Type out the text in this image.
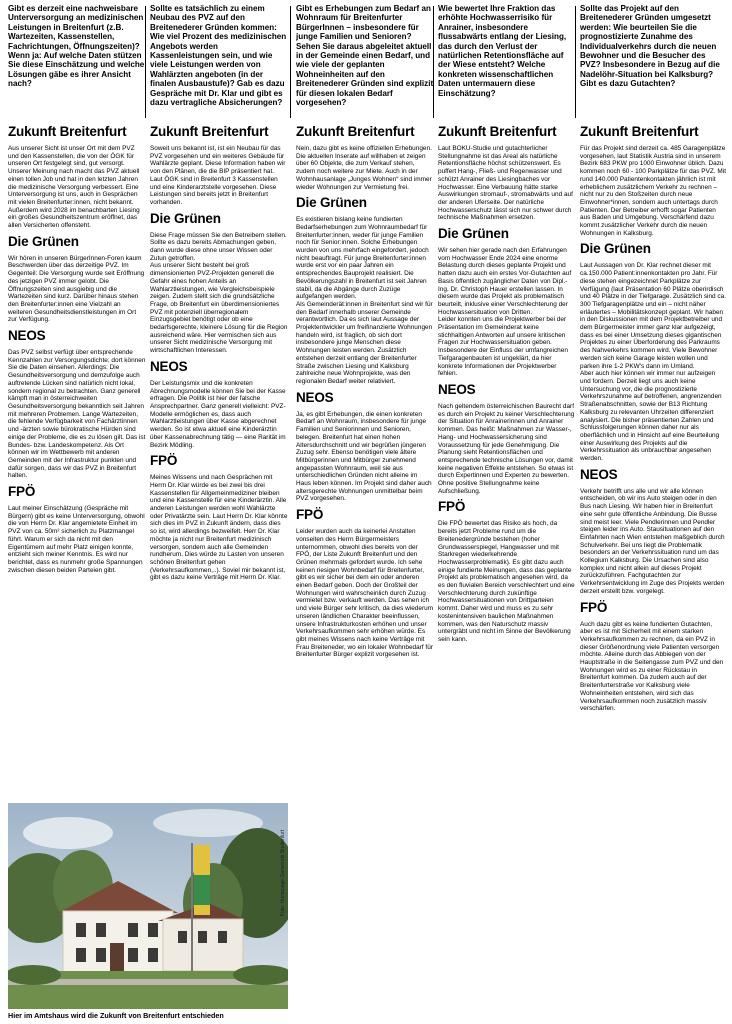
Gibt es derzeit eine nachweisbare Unterversorgung an medizinischen Leistungen in Breitenfurt (z.B. Wartezeiten, Kassenstellen, Fachrichtungen, Öffnungszeiten)? Wenn ja: Auf welche Daten stützen Sie diese Einschätzung und welche Lösungen gäbe es ihrer Ansicht nach?

Zukunft Breitenfurt

Aus unserer Sicht ist unser Ort mit dem PVZ und den Kassenstellen, die von der ÖGK für unseren Ort festgelegt sind, gut versorgt. Unserer Meinung nach macht das PVZ aktuell einen tollen Job und hat in den letzten Jahren die medizinische Versorgung verbessert. Eine Unterversorgung ist uns, auch in Gesprächen mit vielen Breitenfurter:innen, nicht bekannt. Außerdem wird 2028 im benachbarten Liesing ein großes Gesundheitszentrum eröffnet, das allen Versicherten offensteht.

Die Grünen

Wir hören in unseren BürgerInnen-Foren kaum Beschwerden über das derzeitige PVZ. Im Gegenteil: Die Versorgung wurde seit Eröffnung des jetzigen PVZ immer gelobt. Die Öffnungszeiten sind ausgiebig und die Wartezeiten sind kurz. Darüber hinaus stehen den Breitenfurter:innen eine Vielzahl an weiteren Gesundheitsdienstleistungen im Ort zur Verfügung.

NEOS

Das PVZ selbst verfügt über entsprechende Kennzahlen zur Versorgungsdichte; dort können Sie die Daten einsehen. Allerdings: Die Gesundheitsversorgung und demzufolge auch auftretende Lücken sind natürlich nicht lokal, sondern regional zu betrachten. Ganz generell kämpft man in österreichweiten Gesundheitsversorgung bekanntlich seit Jahren mit mehreren Problemen. Lange Wartezeiten, die fehlende Verfügbarkeit von Fachärztinnen und -ärzten sowie bürokratische Hürden sind einige der Probleme, die es zu lösen gilt. Das ist Bundes- bzw. Landeskompetenz. Als Ort können wir im Wettbewerb mit anderen Gemeinden mit der Infrastruktur punkten und dafür sorgen, dass wir das PVZ in Breitenfurt halten.

FPÖ

Laut meiner Einschätzung (Gespräche mit Bürgern) gibt es keine Unterversorgung, obwohl die von Herrn Dr. Klar angemietete Einheit im PVZ von ca. 50m² sicherlich zu Platzmangel führt. Warum er sich da nicht mit den Eigentümern auf mehr Platz einigen konnte, entzieht sich meiner Kenntnis. Es wird nur berichtet, dass es nunmehr große Spannungen zwischen diesen beiden Parteien gibt.

Sollte es tatsächlich zu einem Neubau des PVZ auf den Breitenederer Gründen kommen: Wie viel Prozent des medizinischen Angebots werden Kassenleistungen sein, und wie viele Leistungen werden von Wahlärzten angeboten (in der finalen Ausbaustufe)? Gab es dazu Gespräche mit Dr. Klar und gibt es dazu vertragliche Absicherungen?

Zukunft Breitenfurt

Soweit uns bekannt ist, ist ein Neubau für das PVZ vorgesehen und ein weiteres Gebäude für Wahlärzte geplant. Diese Information haben wir von den Plänen, die die BIP präsentiert hat. Laut ÖGK sind in Breitenfurt 3 Kassenstellen und eine Kinderarztstelle vorgesehen. Diese Leistungen sind bereits jetzt in Breitenfurt vorhanden.

Die Grünen

Diese Frage müssen Sie den Betreibern stellen. Sollte es dazu bereits Abmachungen geben, dann wurde diese ohne unser Wissen oder Zutun getroffen.
Aus unserer Sicht besteht bei groß dimensionierten PVZ-Projekten generell die Gefahr eines hohen Anteils an Wahlarztleistungen, wie Vergleichsbeispiele zeigen. Zudem stellt sich die grundsätzliche Frage, ob Breitenfurt ein überdimensioniertes PVZ mit potenziell überregionalem Einzugsgebiet benötigt oder ob eine bedarfsgerechte, kleinere Lösung für die Region ausreichend wäre. Hier vermischen sich aus unserer Sicht medizinische Versorgung mit wirtschaftlichen Interessen.

NEOS

Der Leistungsmix und die konkreten Abrechnungsmodelle können Sie bei der Kasse erfragen. Die Politik ist hier der falsche Ansprechpartner. Ganz generell vielleicht: PVZ-Modelle ermöglichen es, dass auch Wahlarztleistungen über Kasse abgerechnet werden. So ist etwa aktuell eine Kinderärztin über Kassenabrechnung tätig — eine Rarität im Bezirk Mödling.

FPÖ

Meines Wissens und nach Gesprächen mit Herrn Dr. Klar würde es bei zwei bis drei Kassenstellen für Allgemeinmediziner bleiben und eine Kassenstelle für eine Kinderärztin. Alle anderen Leistungen werden wohl Wahlärzte oder Privatärzte sein. Laut Herrn Dr. Klar könnte sich dies im PVZ in Zukunft ändern, dass dies so ist, wird allerdings bezweifelt. Herr Dr. Klar möchte ja nicht nur Breitenfurt medizinisch versorgen, sondern auch alle Gemeinden rundherum. Dies würde zu Lasten von unseren schönen Breitenfurt gehen (Verkehrsaufkommen,..). Soviel mir bekannt ist, gibt es dazu keine Verträge mit Herrn Dr. Klar.

Gibt es Erhebungen zum Bedarf an Wohnraum für Breitenfurter BürgerInnen – insbesondere für junge Familien und Senioren? Sehen Sie daraus abgeleitet aktuell in der Gemeinde einen Bedarf, und wie viele der geplanten Wohneinheiten auf den Breitenederer Gründen sind explizit für diesen lokalen Bedarf vorgesehen?

Zukunft Breitenfurt

Nein, dazu gibt es keine offiziellen Erhebungen. Die aktuellen Inserate auf willhaben et zeigen über 60 Objekte, die zum Verkauf stehen, zudem noch weitere zur Miete. Auch in der Wohnhausanlage „Junges Wohnen“ sind immer wieder Wohnungen zur Vermietung frei.

Die Grünen

Es existieren bislang keine fundierten Bedarfserhebungen zum Wohnraumbedarf für Breitenfurter:innen, weder für junge Familien noch für Senior:innen. Solche Erhebungen wurden von uns mehrfach eingefordert, jedoch nicht beauftragt. Für junge Breitenfurter:innen wurde erst vor ein paar Jahren ein entsprechendes Bauprojekt realisiert. Die Bevölkerungszahl in Breitenfurt ist seit Jahren stabil, da die Abgänge durch Zuzüge aufgefangen werden.
Als Gemeinderät:innen in Breitenfurt sind wir für den Bedarf innerhalb unserer Gemeinde verantwortlich. Da es sich laut Aussage der Projektentwickler um freifinanzierte Wohnungen handeln wird, ist fraglich, ob sich dort insbesondere junge Menschen diese Wohnungen leisten werden. Zusätzlich entstehen derzeit entlang der Breitenfurter Straße zwischen Liesing und Kalksburg zahlreiche neue Wohnprojekte, was den regionalen Bedarf weiter relativiert.

NEOS

Ja, es gibt Erhebungen, die einen konkreten Bedarf an Wohnraum, insbesondere für junge Familien und Seniorinnen und Senioren, belegen. Breitenfurt hat einen hohen Altersdurchschnitt und wir begrüßen jüngeren Zuzug sehr. Ebenso benötigen viele ältere Mitbürgerinnen und Mitbürger zunehmend angepassten Wohnraum, weil sie aus unterschiedlichen Gründen nicht alleine im Haus leben können. Im Projekt sind daher auch altersgerechte Wohnungen unmittelbar beim PVZ vorgesehen.

FPÖ

Leider wurden auch da keinerlei Anstalten vonseiten des Herrn Bürgermeisters unternommen, obwohl dies bereits von der FPÖ, der Liste Zukunft Breitenfurt und den Grünen mehrmals gefordert wurde. Ich sehe keinen riesigen Wohnbedarf für Breitenfurter, gibt es wir sicher bei dem ein oder anderen einen Bedarf geben. Doch der Großteil der Wohnungen wird wahrscheinlich durch Zuzug vermietet bzw. verkauft werden. Das sehen ich und viele Bürger sehr kritisch, da dies wiederum unseren ländlichen Charakter beeinflussen, unsere Infrastrukturkosten erhöhen und unser Verkehrsaufkommen sehr erhöhen würde. Es gibt meines Wissens nach keine Verträge mit Frau Breiteneder, wo ein lokaler Wohnbedarf für Breitenfurter Bürger explizit vorgesehen ist.

Wie bewertet Ihre Fraktion das erhöhte Hochwasserrisiko für Anrainer, insbesondere flussabwärts entlang der Liesing, das durch den Verlust der natürlichen Retentionsfläche auf der Wiese entsteht? Welche konkreten wissenschaftlichen Daten untermauern diese Einschätzung?

Zukunft Breitenfurt

Laut BOKU-Studie und gutachterlicher Stellungnahme ist das Areal als natürliche Retentionsfläche höchst schützenswert. Es puffert Hang-, Fließ- und Regenwasser und schützt Anrainer des Liesingbaches vor Hochwasser. Eine Verbauung hätte starke Auswirkungen stromauf-, stromabwärts und auf der anderen Uferseite. Der natürliche Hochwasserschutz lässt sich nur schwer durch technische Maßnahmen ersetzen.

Die Grünen

Wir sehen hier gerade nach den Erfahrungen vom Hochwasser Ende 2024 eine enorme Belastung durch dieses geplante Projekt und hatten dazu auch ein erstes Vor-Gutachten auf Basis öffentlich zugänglicher Daten von Dipl.-Ing. Dr. Christoph Hauer erstellen lassen. In diesem wurde das Projekt als problematisch beurteilt, inklusive einer Verschlechterung der Hochwassersituation von Dritten.
Leider konnten uns die Projektwerber bei der Präsentation im Gemeinderat keine stichhaltigen Antworten auf unsere kritischen Fragen zur Hochwassersituation geben. Insbesondere der Einfluss der umfangreichen Tiefgaragenbauten ist ungeklärt, da hier konkrete Informationen der Projektwerber fehlen.

NEOS

Nach geltendem österreichischen Baurecht darf es durch ein Projekt zu keiner Verschlechterung der Situation für Anrainerinnen und Anrainer kommen. Das heißt: Maßnahmen zur Wasser-, Hang- und Hochwassersicherung sind Voraussetzung für jede Genehmigung. Die Planung sieht Retentionsflächen und entsprechende technische Lösungen vor, damit keine negativen Effekte entstehen. So etwas ist durch Expertinnen und Experten zu bewerten. Ohne positive Stellungnahme keine Aufschließung.

FPÖ

Die FPÖ bewertet das Risiko als hoch, da bereits jetzt Probleme rund um die Breitenedergründe bestehen (hoher Grundwasserspiegel, Hangwasser und mit Starkregen wiederkehrende Hochwasserproblematik). Es gibt dazu auch einige fundierte Meinungen, dass das geplante Projekt als problematisch angesehen wird, da es den fluvialen Bereich verschlechtert und eine Verschlechterung durch zukünftige Hochwassersituationen von Drittparteien kommt. Daher wird und muss es zu sehr kostenintensiven baulichen Maßnahmen kommen, was den Naturschutz massiv untergräbt und nicht im Sinne der Bevölkerung sein kann.

Sollte das Projekt auf den Breitenederer Gründen umgesetzt werden: Wie beurteilen Sie die prognostizierte Zunahme des Individualverkehrs durch die neuen Bewohner und die Besucher des PVZ? Insbesondere in Bezug auf die Nadelöhr-Situation bei Kalksburg? Gibt es dazu Gutachten?

Zukunft Breitenfurt

Für das Projekt sind derzeit ca. 485 Garagenplätze vorgesehen, laut Statistik Austria sind in unserem Bezirk 683 PKW pro 1000 Einwohner üblich. Dazu kommen noch 60 - 100 Parkplätze für das PVZ. Mit rund 140.000 Patientenkontakten jährlich ist mit erheblichem zusätzlichem Verkehr zu rechnen – nicht nur zu den Stoßzeiten durch neue Einwohner*innen, sondern auch untertags durch Patienten. Der Betreiber erhofft sogar Patienten aus Baden und Umgebung. Verschärfend dazu kommt zusätzlicher Verkehr durch die neuen Wohnungen in Kalksburg.

Die Grünen

Laut Aussagen von Dr. Klar rechnet dieser mit ca.150.000 Patient:innenkontakten pro Jahr. Für diese stehen eingezeichnet Parkplätze zur Verfügung (laut Präsentation 60 Plätze oberirdisch und 40 Plätze in der Tiefgarage. Zusätzlich sind ca. 300 Tiefgaragenplätze und ein – nicht näher erläutertes – Mobilitätskonzept geplant. Wir haben in den Diskussionen mit dem Projektbetreiber und dem Bürgermeister immer ganz klar aufgezeigt, dass es bei einer Umsetzung dieses gigantischen Projektes zu einer Überforderung des Parkraums des Nahverkehrs kommen wird. Viele Bewohner werden sich keine Garage leisten wollen und parken ihre 1-2 PKW's dann im Umland.
Aber auch hier können wir immer nur aufzeigen und fordern. Derzeit liegt uns auch keine Untersuchung vor, die die prognostizierte Verkehrszunahme auf betroffenen, angrenzenden Straßenabschnitten, sowie der B13 Richtung Kalksburg zu relevanten Uhrzeiten differenziert analysiert. Die bisher präsentierten Zahlen und Schlussfolgerungen können daher nur als oberflächlich und in Hinsicht auf eine Beurteilung einer Auswirkung des Projekts auf die Verkehrssituation als unbrauchbar angesehen werden.

NEOS

Verkehr betrifft uns alle und wir alle können entscheiden, ob wir ins Auto steigen oder in den Bus nach Liesing. Wir haben hier in Breitenfurt eine sehr gute öffentliche Anbindung. Die Busse sind meist leer. Viele Pendlerinnen und Pendler steigen leider ins Auto. Stausituationen auf den Einfahrten nach Wien entstehen maßgeblich durch Schulverkehr. Bei uns liegt die Problematik besonders an der Verkehrssituation rund um das Kollegium Kalksburg. Die Ursachen sind also komplex und nicht allein auf dieses Projekt zurückzuführen. Fachgutachten zur Verkehrsentwicklung im Zuge des Projekts werden derzeit erstellt bzw. vorgelegt.

FPÖ

Auch dazu gibt es keine fundierten Gutachten, aber es ist mit Sicherheit mit einem starken Verkehrsaufkommen zu rechnen, da ein PVZ in dieser Größenordnung viele Patienten versorgen möchte. Alleine durch das Abbiegen von der Hauptstraße in die Seitengasse zum PVZ und den Wohnungen wird es zu einer Rückstau in Breitenfurt kommen. Da zudem auch auf der Breitenfurterstraße vor Kalksburg viele Wohneinheiten entstehen, wird sich das Verkehrsaufkommen noch zusätzlich massiv verschärfen.

Foto: Homepage Gemeinde Breitenfurt
Hier im Amtshaus wird die Zukunft von Breitenfurt entschieden
